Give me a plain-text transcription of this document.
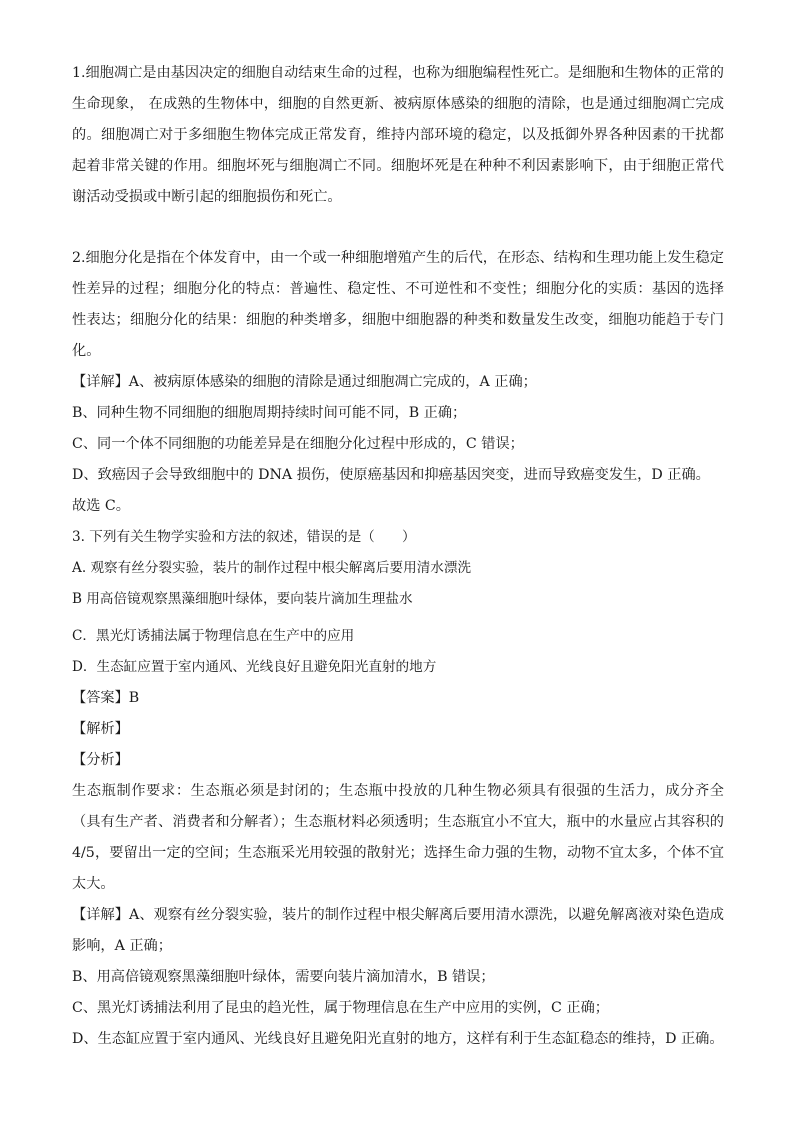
1.细胞凋亡是由基因决定的细胞自动结束生命的过程，也称为细胞编程性死亡。是细胞和生物体的正常的生命现象， 在成熟的生物体中，细胞的自然更新、被病原体感染的细胞的清除，也是通过细胞凋亡完成的。细胞凋亡对于多细胞生物体完成正常发育，维持内部环境的稳定，以及抵御外界各种因素的干扰都起着非常关键的作用。细胞坏死与细胞凋亡不同。细胞坏死是在种种不利因素影响下，由于细胞正常代谢活动受损或中断引起的细胞损伤和死亡。

2.细胞分化是指在个体发育中，由一个或一种细胞增殖产生的后代，在形态、结构和生理功能上发生稳定性差异的过程；细胞分化的特点：普遍性、稳定性、不可逆性和不变性；细胞分化的实质：基因的选择性表达；细胞分化的结果：细胞的种类增多，细胞中细胞器的种类和数量发生改变，细胞功能趋于专门化。

【详解】A、被病原体感染的细胞的清除是通过细胞凋亡完成的，A 正确；

B、同种生物不同细胞的细胞周期持续时间可能不同，B 正确；

C、同一个体不同细胞的功能差异是在细胞分化过程中形成的，C 错误；

D、致癌因子会导致细胞中的 DNA 损伤，使原癌基因和抑癌基因突变，进而导致癌变发生，D 正确。

故选 C。

3. 下列有关生物学实验和方法的叙述，错误的是（　　）

A. 观察有丝分裂实验，装片的制作过程中根尖解离后要用清水漂洗

B 用高倍镜观察黑藻细胞叶绿体，要向装片滴加生理盐水

C．黑光灯诱捕法属于物理信息在生产中的应用

D．生态缸应置于室内通风、光线良好且避免阳光直射的地方

【答案】B

【解析】

【分析】

生态瓶制作要求：生态瓶必须是封闭的；生态瓶中投放的几种生物必须具有很强的生活力，成分齐全（具有生产者、消费者和分解者）；生态瓶材料必须透明；生态瓶宜小不宜大，瓶中的水量应占其容积的 4/5，要留出一定的空间；生态瓶采光用较强的散射光；选择生命力强的生物，动物不宜太多，个体不宜太大。

【详解】A、观察有丝分裂实验，装片的制作过程中根尖解离后要用清水漂洗，以避免解离液对染色造成影响，A 正确；

B、用高倍镜观察黑藻细胞叶绿体，需要向装片滴加清水，B 错误；

C、黑光灯诱捕法利用了昆虫的趋光性，属于物理信息在生产中应用的实例，C 正确；

D、生态缸应置于室内通风、光线良好且避免阳光直射的地方，这样有利于生态缸稳态的维持，D 正确。
